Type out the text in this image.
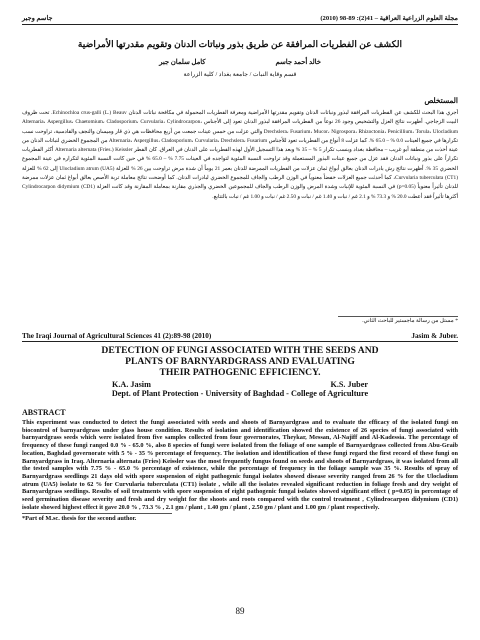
مجلة العلوم الزراعية العراقية – 41(2): 89-98 (2010)
جاسم وجبر
الكشف عن الفطريات المرافقة عن طريق بذور ونباتات الدنان وتقويم مقدرتها الأمراضية
خالد أحمد جاسم
كامل سلمان جبر
قسم وقاية النبات / جامعة بغداد / كلية الزراعة
المستخلص
أجري هذا البحث للكشف عن الفطريات المرافقة لبذور ونباتات الدنان وتقويم مقدرتها الأمراضية ومعرفة الفطريات المحمولة في مكافحة نباتات الدنان Echinochloa crus-galli (L.) Beauv. تحت ظروف البيت الزجاجي. أظهرت نتائج العزل والتشخيص وجود 26 نوعاً من الفطريات المرافقة لبذور الدنان تعود إلى الأجناس Alternaria، Aspergillus، Chaetomium، Cladosporium، Curvularia، Cylindrocarpon، Drechslera، Fusarium، Mucor، Nigrospora، Rhizoctonia، Penicillium، Torula، Ulocladium والتي عزلت من خمس عينات جمعت من أربع محافظات هي ذي قار وميسان والنجف والقادسية، تراوحت نسب تكرارها في جميع العينات 0.0 % – 65.0 %. كما عزلت 8 أنواع من الفطريات تعود للأجناس Alternaria، Aspergillus، Cladosporium، Curvularia، Drechslera، Fusarium من المجموع الخضري لنباتات الدنان من عينة أخذت من منطقة أبو غريب – محافظة بغداد وبنسب تكرار 5 % – 35 % وبعد هذا التسجيل الأول لهذه الفطريات على الدنان في العراق. كان الفطر Alternaria alternata (Fries.) Keissler أكثر الفطريات تكراراً على بذور ونباتات الدنان فقد عزل من جميع عينات البذور المستعملة وقد تراوحت النسبة المئوية لتواجده في العينات 7.75 % – 65.0 % في حين كانت النسبة المئوية لتكراره في عينة المجموع الخضري 35 %. أظهرت نتائج رش بادرات الدنان بعالق أبواغ ثمان عزلات من الفطريات الممرضة للدنان بعمر 21 يوماً أن شدة مرض تراوحت بين 26 % للعزلة Ulocladium atrum (UA5) إلى 62 % للعزلة Curvularia tuberculata (CT1)، كما أحدثت جميع العزلات خفضاً معنوياً في الوزن الرطب والجاف للمجموع الخضري لبادرات الدنان. كما أوضحت نتائج معاملة تربة الأصص بعالق أبواغ ثمان عزلات ممرضة للدنان تأثيراً معنوياً (p=0.05) في النسبة المئوية للإنبات وشدة المرض والوزن الرطب والجاف للمجموعين الخضري والجذري مقارنة بمعاملة المقارنة وقد كانت العزلة Cylindrocarpon didymium (CD1) أكثرها تأثيراً فقد أعطت 20.0 % و 73.3 % و 2.1 غم / نبات و 1.40 غم / نبات و 2.50 غم / نبات و 1.00 غم / نبات بالتتابع.
* مستل من رسالة ماجستير للباحث الثاني.
The Iraqi Journal of Agricultural Sciences 41 (2):89-98 (2010)	Jasim & Juber.
DETECTION OF FUNGI ASSOCIATED WITH THE SEEDS AND
PLANTS OF BARNYARDGRASS AND EVALUATING
THEIR PATHOGENIC EFFICIENCY.
K.A. Jasim	K.S. Juber
Dept. of Plant Protection - University of Baghdad - College of Agriculture
ABSTRACT
This experiment was conducted to detect the fungi associated with seeds and shoots of Barnyardgrass and to evaluate the efficacy of the isolated fungi on biocontrol of barnyardgrass under glass house condition. Results of isolation and identification showed the existence of 26 species of fungi associated with barnyardgrass seeds which were isolated from five samples collected from four governorates, Theykar, Messan, Al-Najiff and Al-Kadessia. The percentage of frequency of these fungi ranged 0.0 % - 65.0 %, also 8 species of fungi were isolated from the foliage of one sample of Barnyardgrass collected from Abu-Graib location, Baghdad governorate with 5 % - 35 % percentage of frequency. The isolation and identification of these fungi regard the first record of these fungi on Barnyardgrass in Iraq. Alternaria alternata (Fries) Keissler was the most frequently fungus found on seeds and shoots of Barnyardgrass, it was isolated from all the tested samples with 7.75 % - 65.0 % percentage of existence, while the percentage of frequency in the foliage sample was 35 %. Results of spray of Barnyardgrass seedlings 21 days old with spore suspension of eight pathogenic fungal isolates showed disease severity ranged from 26 % for the Ulocladium atrum (UA5) isolate to 62 % for Curvularia tuberculata (CT1) isolate , while all the isolates revealed significant reduction in foliage fresh and dry weight of Barnyardgrass seedlings. Results of soil treatments with spore suspension of eight pathogenic fungal isolates showed significant effect ( p=0.05) in percentage of seed germination disease severity and fresh and dry weight for the shoots and roots compared with the control treatment , Cylindrocarpon didymium (CD1) isolate showed highest effect it gave 20.0 % , 73.3 % , 2.1 gm / plant , 1.40 gm / plant , 2.50 gm / plant and 1.00 gm / plant respectively.
*Part of M.sc. thesis for the second author.
89
